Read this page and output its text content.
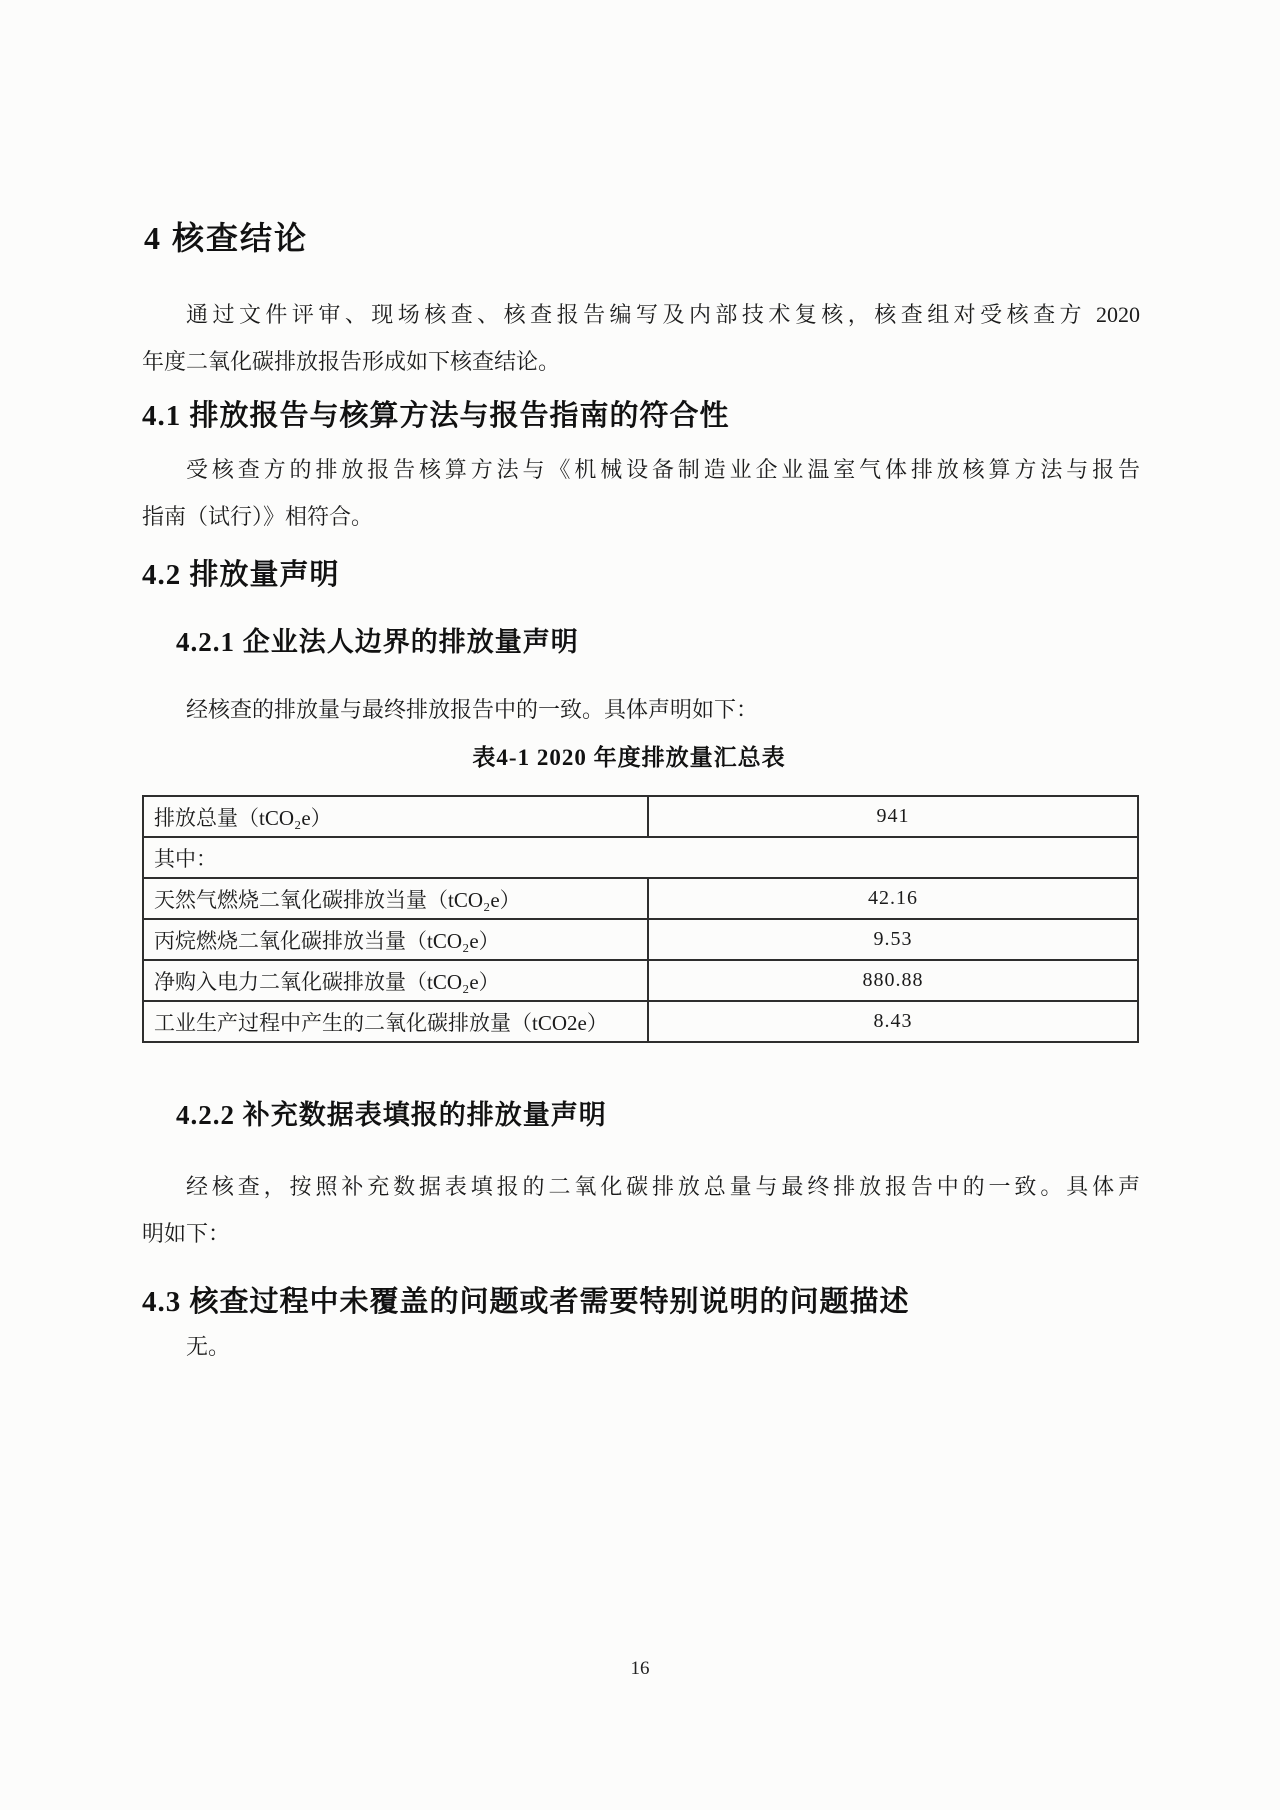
4 核查结论
通过文件评审、现场核查、核查报告编写及内部技术复核，核查组对受核查方 2020
年度二氧化碳排放报告形成如下核查结论。
4.1 排放报告与核算方法与报告指南的符合性
受核查方的排放报告核算方法与《机械设备制造业企业温室气体排放核算方法与报告
指南（试行）》相符合。
4.2 排放量声明
4.2.1 企业法人边界的排放量声明
经核查的排放量与最终排放报告中的一致。具体声明如下：
表4-1 2020 年度排放量汇总表
排放总量（tCO₂e）	941
其中：	
天然气燃烧二氧化碳排放当量（tCO₂e）	42.16
丙烷燃烧二氧化碳排放当量（tCO₂e）	9.53
净购入电力二氧化碳排放量（tCO₂e）	880.88
工业生产过程中产生的二氧化碳排放量（tCO2e）	8.43
4.2.2 补充数据表填报的排放量声明
经核查，按照补充数据表填报的二氧化碳排放总量与最终排放报告中的一致。具体声
明如下：
4.3 核查过程中未覆盖的问题或者需要特别说明的问题描述
无。
16
